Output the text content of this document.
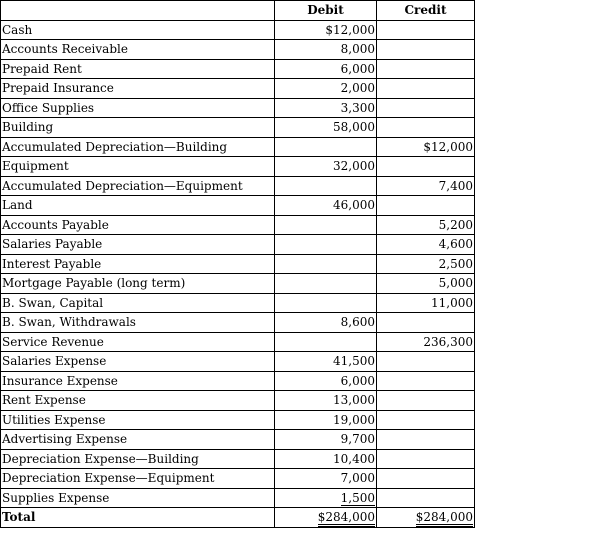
	Debit	Credit
Cash	$12,000	
Accounts Receivable	8,000	
Prepaid Rent	6,000	
Prepaid Insurance	2,000	
Office Supplies	3,300	
Building	58,000	
Accumulated Depreciation—Building		$12,000
Equipment	32,000	
Accumulated Depreciation—Equipment		7,400
Land	46,000	
Accounts Payable		5,200
Salaries Payable		4,600
Interest Payable		2,500
Mortgage Payable (long term)		5,000
B. Swan, Capital		11,000
B. Swan, Withdrawals	8,600	
Service Revenue		236,300
Salaries Expense	41,500	
Insurance Expense	6,000	
Rent Expense	13,000	
Utilities Expense	19,000	
Advertising Expense	9,700	
Depreciation Expense—Building	10,400	
Depreciation Expense—Equipment	7,000	
Supplies Expense	1,500	
Total	$284,000	$284,000
